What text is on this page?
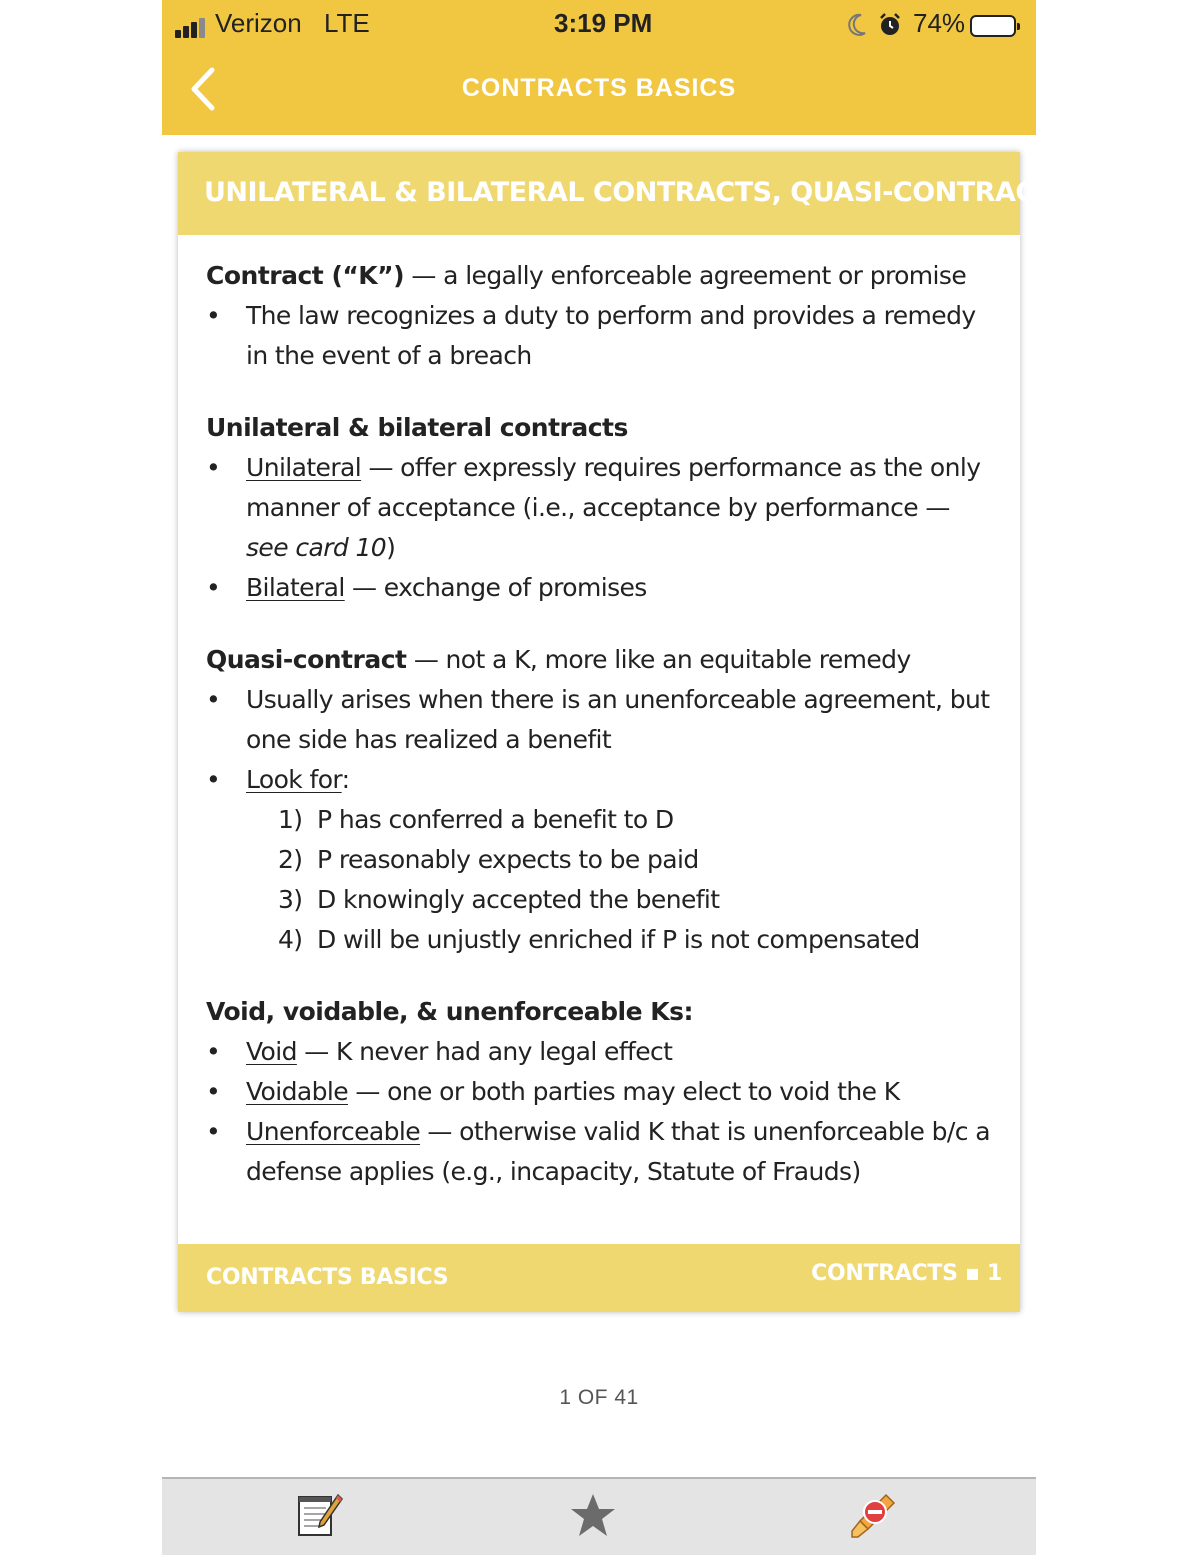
Verizon LTE	3:19 PM	74%
CONTRACTS BASICS
UNILATERAL & BILATERAL CONTRACTS, QUASI-CONTRACT

Contract (“K”) — a legally enforceable agreement or promise

• The law recognizes a duty to perform and provides a remedy in the event of a breach

Unilateral & bilateral contracts

• Unilateral — offer expressly requires performance as the only manner of acceptance (i.e., acceptance by performance — see card 10)
• Bilateral — exchange of promises

Quasi-contract — not a K, more like an equitable remedy

• Usually arises when there is an unenforceable agreement, but one side has realized a benefit
• Look for:
1) P has conferred a benefit to D
2) P reasonably expects to be paid
3) D knowingly accepted the benefit
4) D will be unjustly enriched if P is not compensated

Void, voidable, & unenforceable Ks:

• Void — K never had any legal effect
• Voidable — one or both parties may elect to void the K
• Unenforceable — otherwise valid K that is unenforceable b/c a defense applies (e.g., incapacity, Statute of Frauds)
CONTRACTS BASICS	CONTRACTS ▪ 1
1 OF 41
